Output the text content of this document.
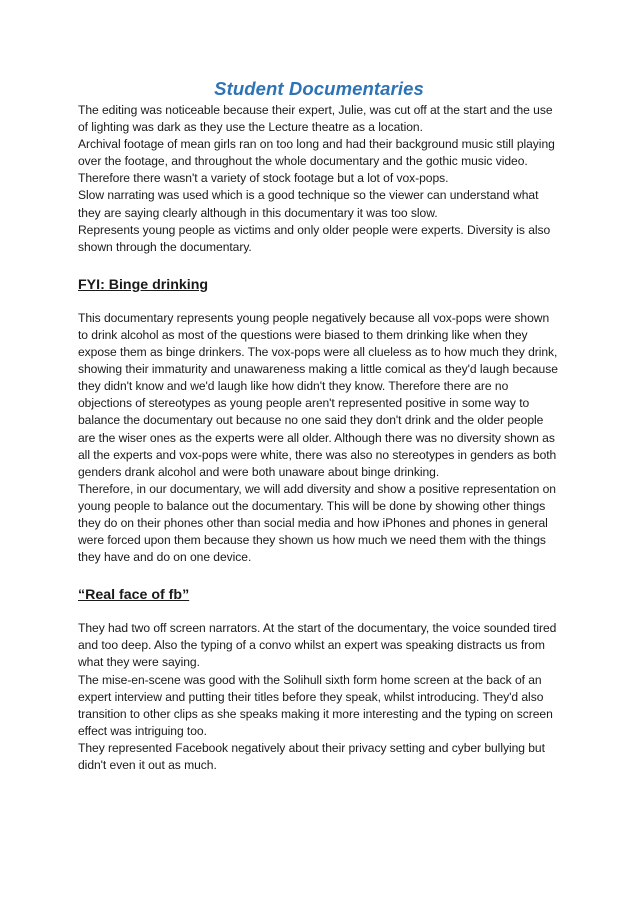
Student Documentaries

The editing was noticeable because their expert, Julie, was cut off at the start and the use of lighting was dark as they use the Lecture theatre as a location.

Archival footage of mean girls ran on too long and had their background music still playing over the footage, and throughout the whole documentary and the gothic music video.

Therefore there wasn't a variety of stock footage but a lot of vox-pops.

Slow narrating was used which is a good technique so the viewer can understand what they are saying clearly although in this documentary it was too slow.

Represents young people as victims and only older people were experts. Diversity is also shown through the documentary.

FYI: Binge drinking

This documentary represents young people negatively because all vox-pops were shown to drink alcohol as most of the questions were biased to them drinking like when they expose them as binge drinkers. The vox-pops were all clueless as to how much they drink, showing their immaturity and unawareness making a little comical as they'd laugh because they didn't know and we'd laugh like how didn't they know. Therefore there are no objections of stereotypes as young people aren't represented positive in some way to balance the documentary out because no one said they don't drink and the older people are the wiser ones as the experts were all older. Although there was no diversity shown as all the experts and vox-pops were white, there was also no stereotypes in genders as both genders drank alcohol and were both unaware about binge drinking.

Therefore, in our documentary, we will add diversity and show a positive representation on young people to balance out the documentary. This will be done by showing other things they do on their phones other than social media and how iPhones and phones in general were forced upon them because they shown us how much we need them with the things they have and do on one device.

“Real face of fb”

They had two off screen narrators. At the start of the documentary, the voice sounded tired and too deep. Also the typing of a convo whilst an expert was speaking distracts us from what they were saying.

The mise-en-scene was good with the Solihull sixth form home screen at the back of an expert interview and putting their titles before they speak, whilst introducing. They'd also transition to other clips as she speaks making it more interesting and the typing on screen effect was intriguing too.

They represented Facebook negatively about their privacy setting and cyber bullying but didn't even it out as much.
